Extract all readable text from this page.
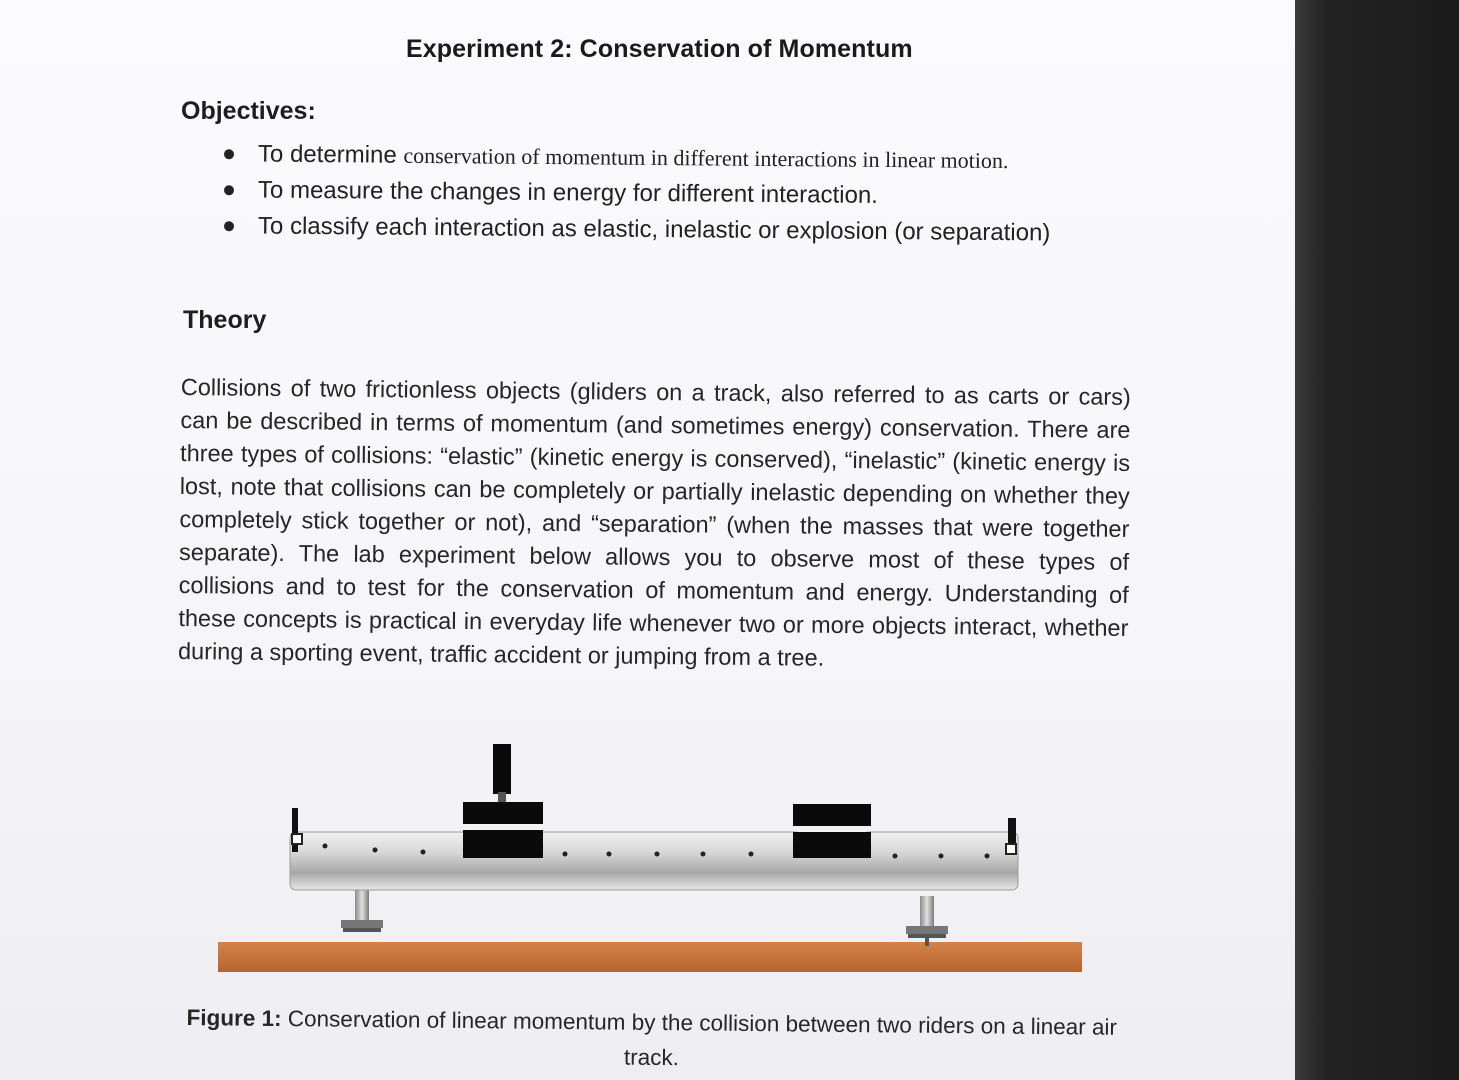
Experiment 2: Conservation of Momentum
Objectives:
To determine conservation of momentum in different interactions in linear motion.
To measure the changes in energy for different interaction.
To classify each interaction as elastic, inelastic or explosion (or separation)
Theory
Collisions of two frictionless objects (gliders on a track, also referred to as carts or cars) can be described in terms of momentum (and sometimes energy) conservation. There are three types of collisions: “elastic” (kinetic energy is conserved), “inelastic” (kinetic energy is lost, note that collisions can be completely or partially inelastic depending on whether they completely stick together or not), and “separation” (when the masses that were together separate). The lab experiment below allows you to observe most of these types of collisions and to test for the conservation of momentum and energy. Understanding of these concepts is practical in everyday life whenever two or more objects interact, whether during a sporting event, traffic accident or jumping from a tree.
Figure 1: Conservation of linear momentum by the collision between two riders on a linear air track.
